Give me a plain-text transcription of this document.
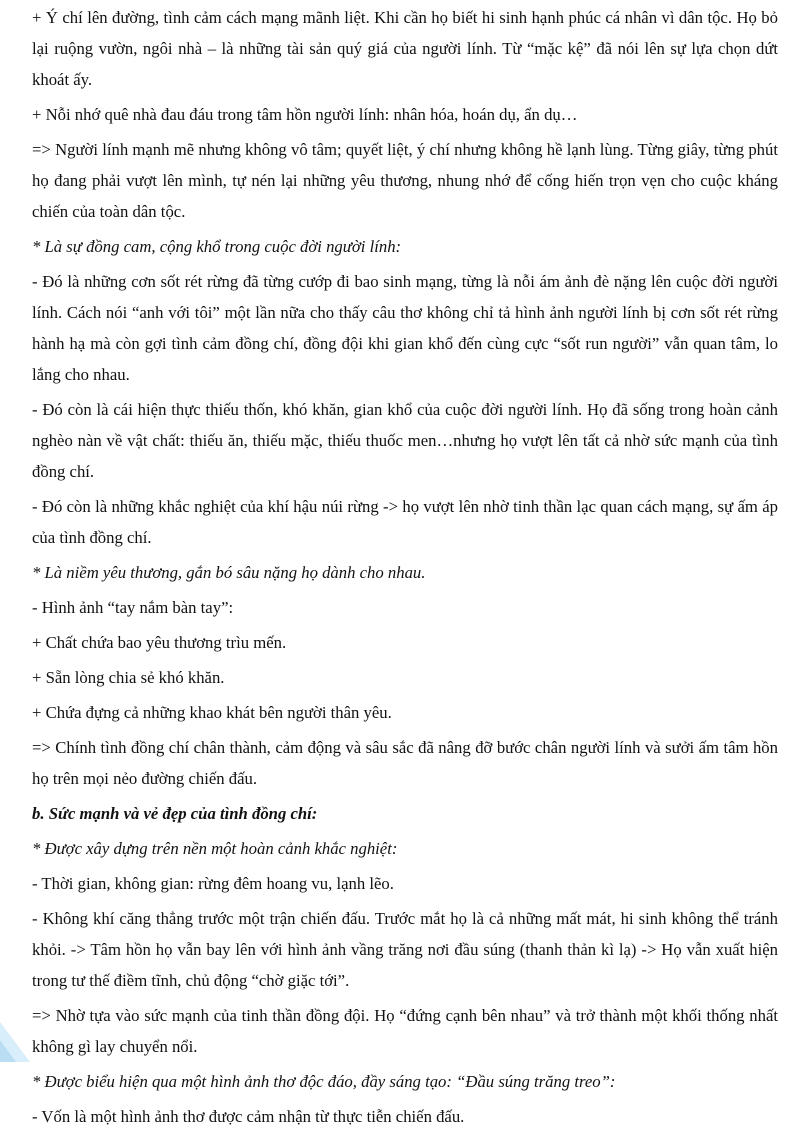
+ Ý chí lên đường, tình cảm cách mạng mãnh liệt. Khi cần họ biết hi sinh hạnh phúc cá nhân vì dân tộc. Họ bỏ lại ruộng vườn, ngôi nhà – là những tài sản quý giá của người lính. Từ “mặc kệ” đã nói lên sự lựa chọn dứt khoát ấy.

+ Nỗi nhớ quê nhà đau đáu trong tâm hồn người lính: nhân hóa, hoán dụ, ẩn dụ…

=> Người lính mạnh mẽ nhưng không vô tâm; quyết liệt, ý chí nhưng không hề lạnh lùng. Từng giây, từng phút họ đang phải vượt lên mình, tự nén lại những yêu thương, nhung nhớ để cống hiến trọn vẹn cho cuộc kháng chiến của toàn dân tộc.

* Là sự đồng cam, cộng khổ trong cuộc đời người lính:

- Đó là những cơn sốt rét rừng đã từng cướp đi bao sinh mạng, từng là nỗi ám ảnh đè nặng lên cuộc đời người lính. Cách nói “anh với tôi” một lần nữa cho thấy câu thơ không chỉ tả hình ảnh người lính bị cơn sốt rét rừng hành hạ mà còn gợi tình cảm đồng chí, đồng đội khi gian khổ đến cùng cực “sốt run người” vẫn quan tâm, lo lắng cho nhau.

- Đó còn là cái hiện thực thiếu thốn, khó khăn, gian khổ của cuộc đời người lính. Họ đã sống trong hoàn cảnh nghèo nàn về vật chất: thiếu ăn, thiếu mặc, thiếu thuốc men…nhưng họ vượt lên tất cả nhờ sức mạnh của tình đồng chí.

- Đó còn là những khắc nghiệt của khí hậu núi rừng -> họ vượt lên nhờ tinh thần lạc quan cách mạng, sự ấm áp của tình đồng chí.

* Là niềm yêu thương, gắn bó sâu nặng họ dành cho nhau.

- Hình ảnh “tay nắm bàn tay”:

+ Chất chứa bao yêu thương trìu mến.

+ Sẵn lòng chia sẻ khó khăn.

+ Chứa đựng cả những khao khát bên người thân yêu.

=> Chính tình đồng chí chân thành, cảm động và sâu sắc đã nâng đỡ bước chân người lính và sưởi ấm tâm hồn họ trên mọi nẻo đường chiến đấu.

b. Sức mạnh và vẻ đẹp của tình đồng chí:

* Được xây dựng trên nền một hoàn cảnh khắc nghiệt:

- Thời gian, không gian: rừng đêm hoang vu, lạnh lẽo.

- Không khí căng thẳng trước một trận chiến đấu. Trước mắt họ là cả những mất mát, hi sinh không thể tránh khỏi. -> Tâm hồn họ vẫn bay lên với hình ảnh vầng trăng nơi đầu súng (thanh thản kì lạ) -> Họ vẫn xuất hiện trong tư thế điềm tĩnh, chủ động “chờ giặc tới”.

=> Nhờ tựa vào sức mạnh của tinh thần đồng đội. Họ “đứng cạnh bên nhau” và trở thành một khối thống nhất không gì lay chuyển nổi.

* Được biểu hiện qua một hình ảnh thơ độc đáo, đầy sáng tạo: “Đầu súng trăng treo”:

- Vốn là một hình ảnh thơ được cảm nhận từ thực tiễn chiến đấu.
